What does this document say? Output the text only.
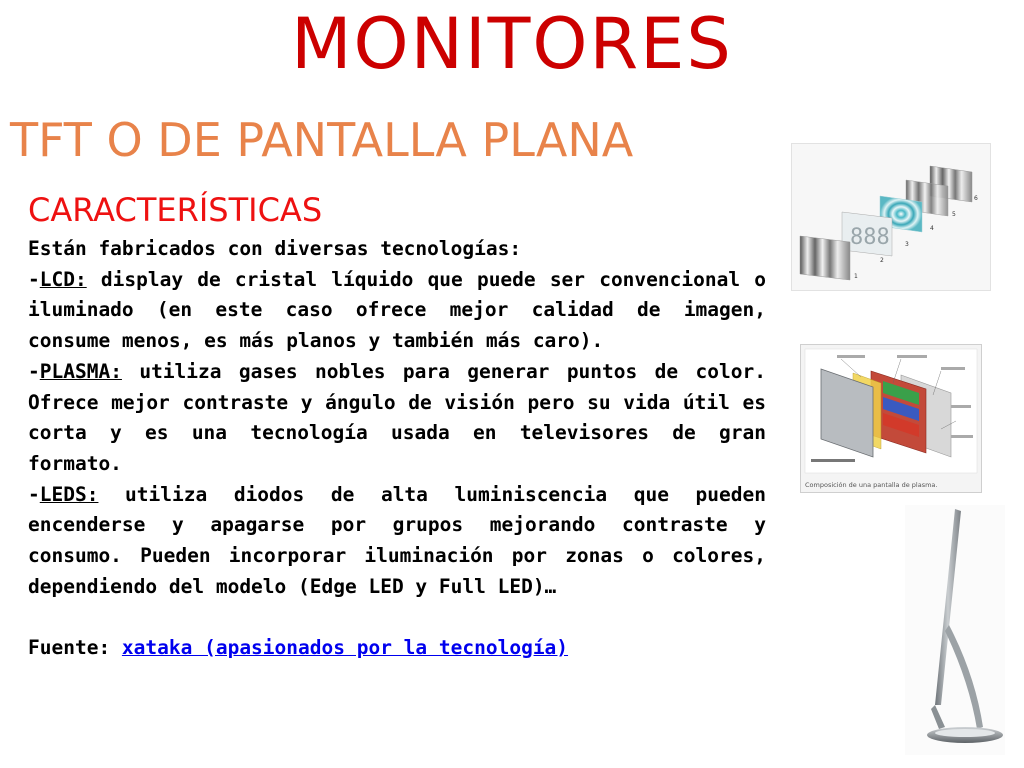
MONITORES
TFT O DE PANTALLA PLANA
CARACTERÍSTICAS

Están fabricados con diversas tecnologías:

-LCD: display de cristal líquido que puede ser convencional o iluminado (en este caso ofrece mejor calidad de imagen, consume menos, es más planos y también más caro).

-PLASMA: utiliza gases nobles para generar puntos de color. Ofrece mejor contraste y ángulo de visión pero su vida útil es corta y es una tecnología usada en televisores de gran formato.

-LEDS: utiliza diodos de alta luminiscencia que pueden encenderse y apagarse por grupos mejorando contraste y consumo. Pueden incorporar iluminación por zonas o colores, dependiendo del modelo (Edge LED y Full LED)…

Fuente: xataka (apasionados por la tecnología)

888
1
2
3
4
5
6
Composición de una pantalla de plasma.
